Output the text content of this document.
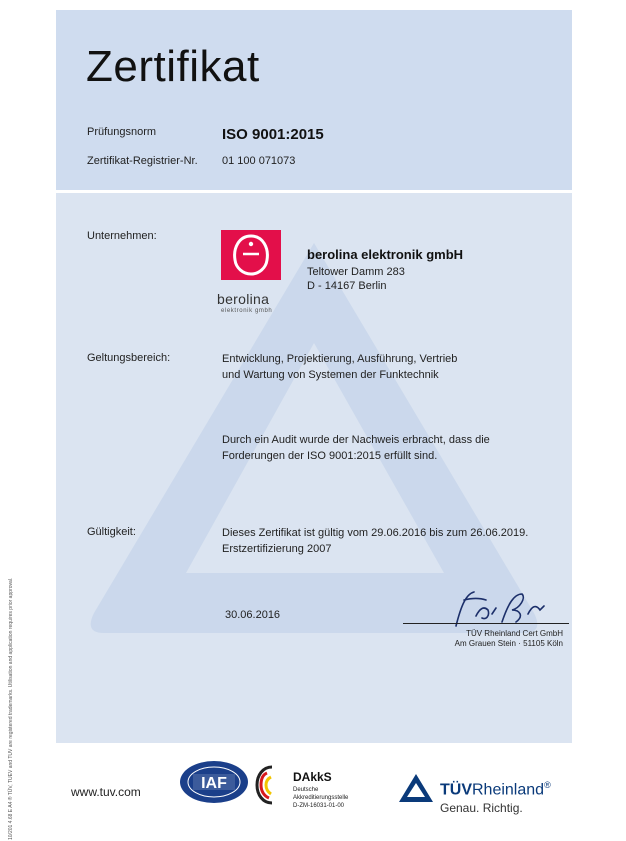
Zertifikat
Prüfungsnorm	ISO 9001:2015
Zertifikat-Registrier-Nr. 01 100 071073
Unternehmen:
berolina
elektronik gmbh
berolina elektronik gmbH
Teltower Damm 283
D - 14167 Berlin
Geltungsbereich:	Entwicklung, Projektierung, Ausführung, Vertrieb
und Wartung von Systemen der Funktechnik
Durch ein Audit wurde der Nachweis erbracht, dass die
Forderungen der ISO 9001:2015 erfüllt sind.
Gültigkeit:	Dieses Zertifikat ist gültig vom 29.06.2016 bis zum 26.06.2019.
Erstzertifizierung 2007
30.06.2016
TÜV Rheinland Cert GmbH
Am Grauen Stein · 51105 Köln
10/201 4.68 E A4 ® TÜV, TUEV and TUV are registered trademarks. Utilisation and application requires prior approval.	www.tuv.com	IAF	DAkkS
Deutsche
Akkreditierungsstelle
D-ZM-16031-01-00
TÜVRheinland®
Genau. Richtig.
